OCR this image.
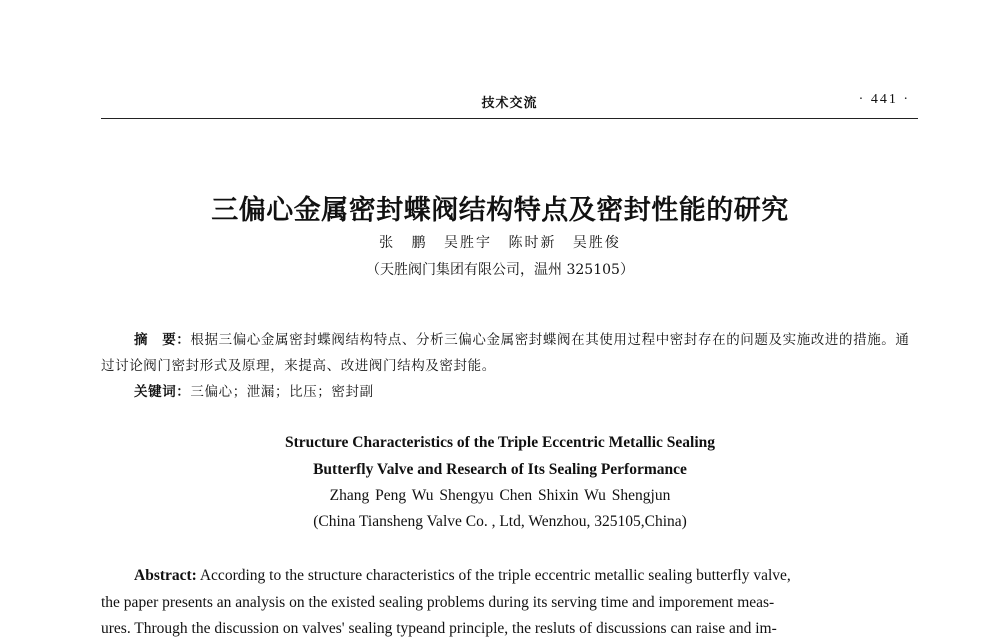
技术交流	· 441 ·
三偏心金属密封蝶阀结构特点及密封性能的研究
张 鹏 吴胜宇 陈时新 吴胜俊
（天胜阀门集团有限公司，温州 325105）
摘　要：根据三偏心金属密封蝶阀结构特点、分析三偏心金属密封蝶阀在其使用过程中密封存在的问题及实施改进的措施。通过讨论阀门密封形式及原理，来提高、改进阀门结构及密封能。
关键词：三偏心；泄漏；比压；密封副
Structure Characteristics of the Triple Eccentric Metallic Sealing
Butterfly Valve and Research of Its Sealing Performance
Zhang Peng Wu Shengyu Chen Shixin Wu Shengjun
(China Tiansheng Valve Co. , Ltd, Wenzhou, 325105,China)
Abstract: According to the structure characteristics of the triple eccentric metallic sealing butterfly valve,
the paper presents an analysis on the existed sealing problems during its serving time and imporement meas-
ures. Through the discussion on valves' sealing typeand principle, the resluts of discussions can raise and im-
